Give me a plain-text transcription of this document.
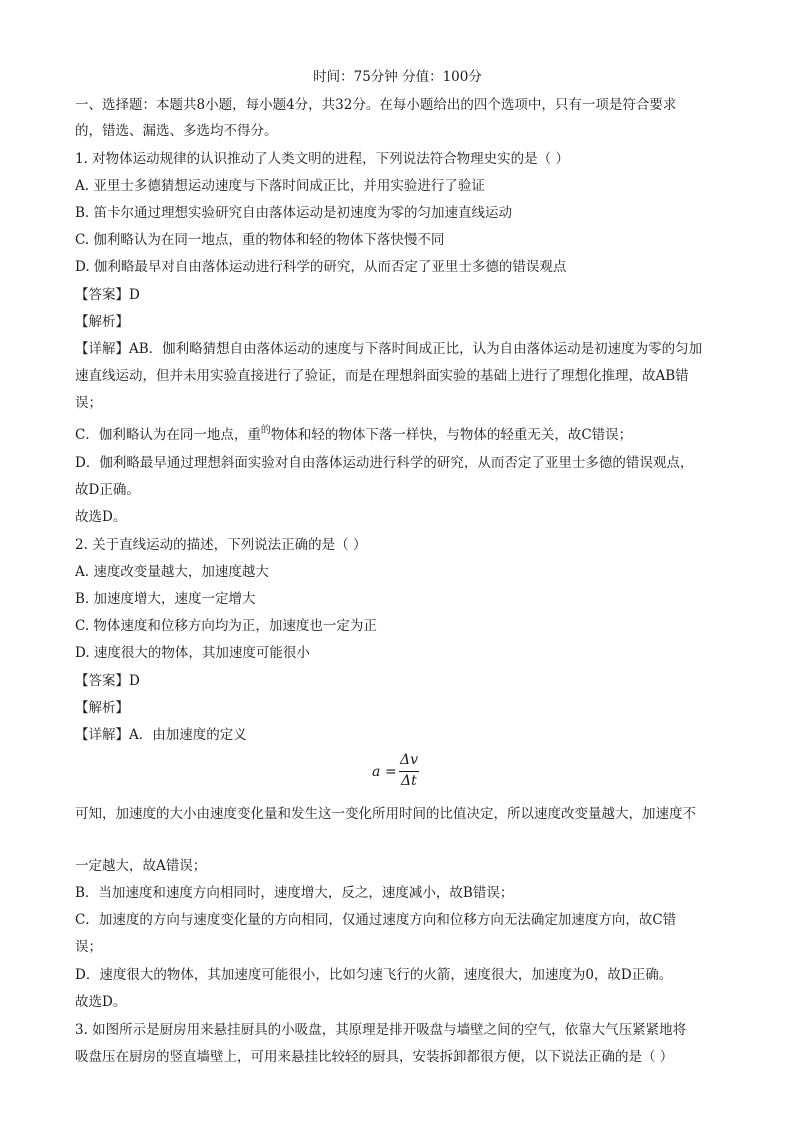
时间：75分钟 分值：100分
一、选择题：本题共8小题，每小题4分，共32分。在每小题给出的四个选项中，只有一项是符合要求
的，错选、漏选、多选均不得分。
1. 对物体运动规律的认识推动了人类文明的进程，下列说法符合物理史实的是（ ）
A. 亚里士多德猜想运动速度与下落时间成正比，并用实验进行了验证
B. 笛卡尔通过理想实验研究自由落体运动是初速度为零的匀加速直线运动
C. 伽利略认为在同一地点，重的物体和轻的物体下落快慢不同
D. 伽利略最早对自由落体运动进行科学的研究，从而否定了亚里士多德的错误观点
【答案】D
【解析】
【详解】AB．伽利略猜想自由落体运动的速度与下落时间成正比，认为自由落体运动是初速度为零的匀加
速直线运动，但并未用实验直接进行了验证，而是在理想斜面实验的基础上进行了理想化推理，故AB错
误；
C．伽利略认为在同一地点，重$^的$物体和轻的物体下落一样快，与物体的轻重无关，故C错误；
D．伽利略最早通过理想斜面实验对自由落体运动进行科学的研究，从而否定了亚里士多德的错误观点，
故D正确。
故选D。
2. 关于直线运动的描述，下列说法正确的是（ ）
A. 速度改变量越大，加速度越大
B. 加速度增大，速度一定增大
C. 物体速度和位移方向均为正，加速度也一定为正
D. 速度很大的物体，其加速度可能很小
【答案】D
【解析】
【详解】A．由加速度的定义
a =
Δv
Δt
可知，加速度的大小由速度变化量和发生这一变化所用时间的比值决定，所以速度改变量越大，加速度不
一定越大，故A错误；
B．当加速度和速度方向相同时，速度增大，反之，速度减小，故B错误；
C．加速度的方向与速度变化量的方向相同，仅通过速度方向和位移方向无法确定加速度方向，故C错
误；
D．速度很大的物体，其加速度可能很小，比如匀速飞行的火箭，速度很大，加速度为0，故D正确。
故选D。
3. 如图所示是厨房用来悬挂厨具的小吸盘，其原理是排开吸盘与墙壁之间的空气，依靠大气压紧紧地将
吸盘压在厨房的竖直墙壁上，可用来悬挂比较轻的厨具，安装拆卸都很方便，以下说法正确的是（ ）
